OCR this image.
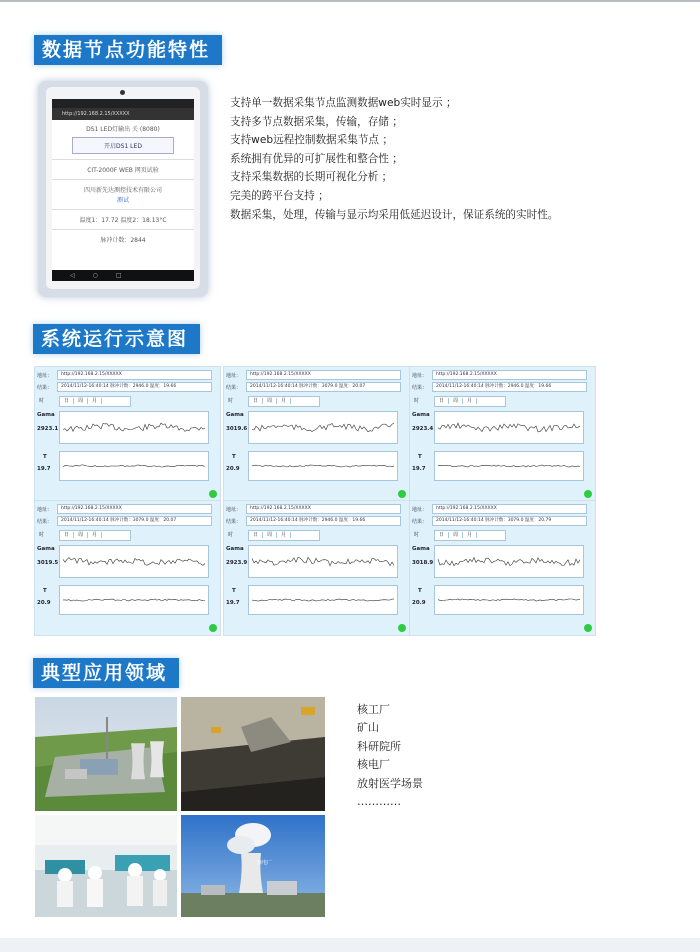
数据节点功能特性
http://192.168.2.15/XXXXX
DS1 LED灯输出 关 (8080)
开启DS1 LED
CIT-2000F WEB 网页试验
四川新先达测控技术有限公司
测试
温度1：17.72 温度2：18.13°C
脉冲计数：2844
◁	○	□
支持单一数据采集节点监测数据web实时显示 ；
支持多节点数据采集，传输，存储 ；
支持web远程控制数据采集节点 ；
系统拥有优异的可扩展性和整合性 ；
支持采集数据的长期可视化分析 ；
完美的跨平台支持 ；
数据采集，处理，传输与显示均采用低延迟设计，保证系统的实时性。
系统运行示意图
地址：	http://192.168.2.15/XXXXX
结果：	2014/11/12-16:40:14 脉冲计数：2946.0 温度：19.66
时	日 周 月
Gama
2923.1
T
19.7
地址：	http://192.168.2.15/XXXXX
结果：	2014/11/12-16:40:14 脉冲计数：3079.0 温度：20.07
时	日 周 月
Gama
3019.6
T
20.9
地址：	http://192.168.2.15/XXXXX
结果：	2014/11/12-16:40:14 脉冲计数：2946.0 温度：19.66
时	日 周 月
Gama
2923.4
T
19.7
地址：	http://192.168.2.15/XXXXX
结果：	2014/11/12-16:40:14 脉冲计数：3079.0 温度：20.07
时	日 周 月
Gama
3019.5
T
20.9
地址：	http://192.168.2.15/XXXXX
结果：	2014/11/12-16:40:14 脉冲计数：2946.0 温度：19.66
时	日 周 月
Gama
2923.9
T
19.7
地址：	http://192.168.2.15/XXXXX
结果：	2014/11/12-16:40:14 脉冲计数：3079.0 温度：20.79
时	日 周 月
Gama
3018.9
T
20.9
典型应用领域
核电厂
核工厂
矿山
科研院所
核电厂
放射医学场景
…………
